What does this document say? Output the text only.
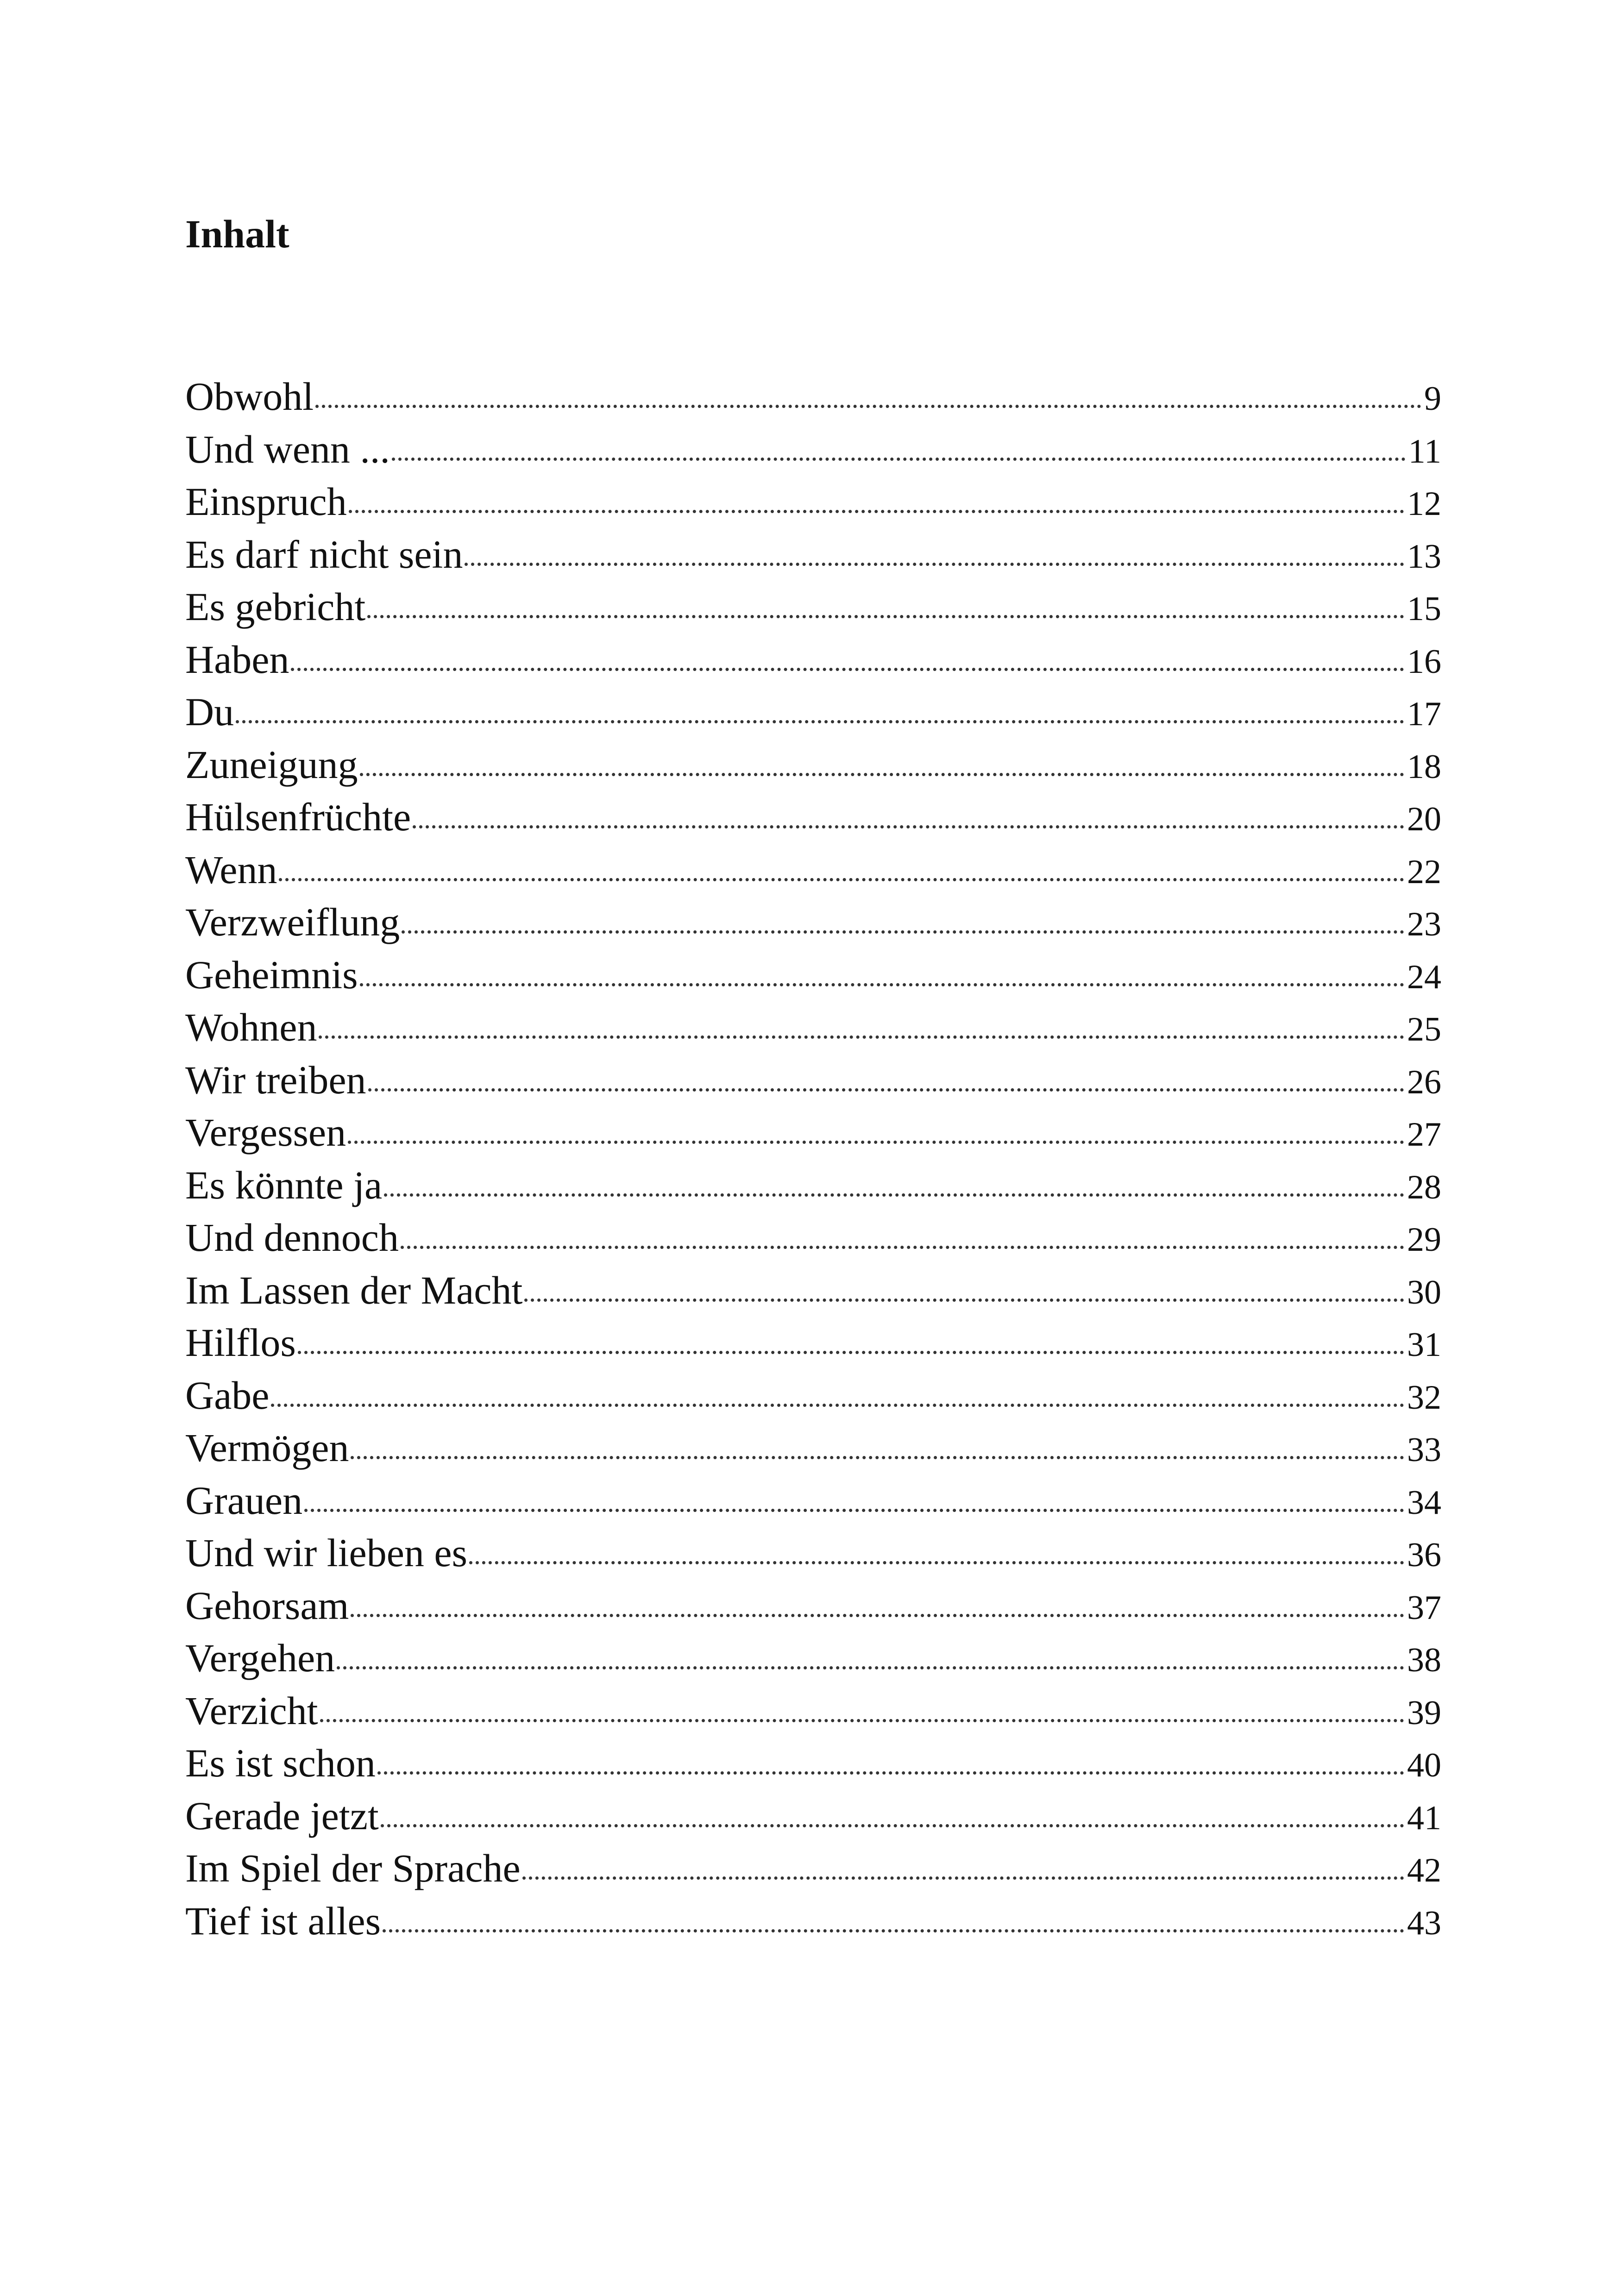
Inhalt
Obwohl	9
Und wenn ...	11
Einspruch	12
Es darf nicht sein	13
Es gebricht	15
Haben	16
Du	17
Zuneigung	18
Hülsenfrüchte	20
Wenn	22
Verzweiflung	23
Geheimnis	24
Wohnen	25
Wir treiben	26
Vergessen	27
Es könnte ja	28
Und dennoch	29
Im Lassen der Macht	30
Hilflos	31
Gabe	32
Vermögen	33
Grauen	34
Und wir lieben es	36
Gehorsam	37
Vergehen	38
Verzicht	39
Es ist schon	40
Gerade jetzt	41
Im Spiel der Sprache	42
Tief ist alles	43
